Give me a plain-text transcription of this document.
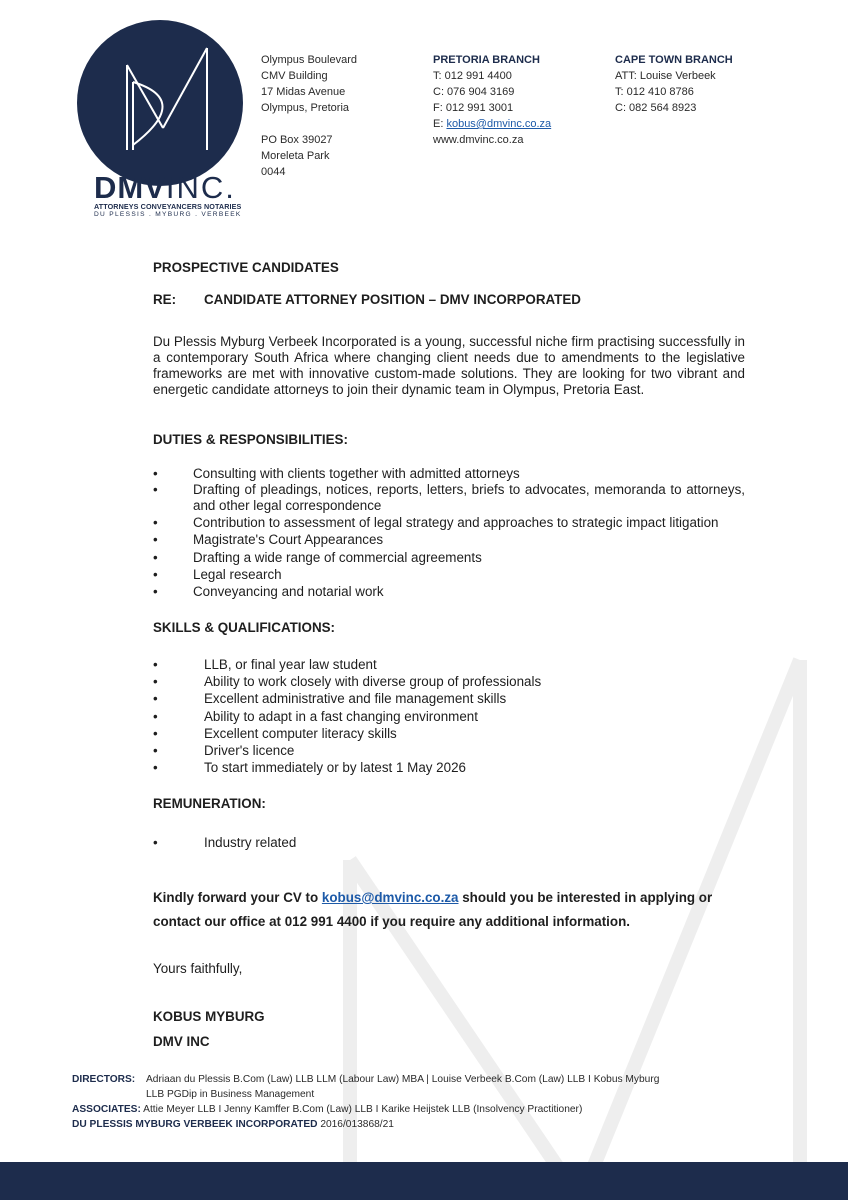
DMVINC.
ATTORNEYS CONVEYANCERS NOTARIES
DU PLESSIS . MYBURG . VERBEEK
Olympus Boulevard
CMV Building
17 Midas Avenue
Olympus, Pretoria
PO Box 39027
Moreleta Park
0044
PRETORIA BRANCH
T: 012 991 4400
C: 076 904 3169
F: 012 991 3001
E: kobus@dmvinc.co.za
www.dmvinc.co.za
CAPE TOWN BRANCH
ATT: Louise Verbeek
T: 012 410 8786
C: 082 564 8923
PROSPECTIVE CANDIDATES
RE: CANDIDATE ATTORNEY POSITION – DMV INCORPORATED

Du Plessis Myburg Verbeek Incorporated is a young, successful niche firm practising successfully in a contemporary South Africa where changing client needs due to amendments to the legislative frameworks are met with innovative custom-made solutions. They are looking for two vibrant and energetic candidate attorneys to join their dynamic team in Olympus, Pretoria East.

DUTIES & RESPONSIBILITIES:
•	Consulting with clients together with admitted attorneys
•	Drafting of pleadings, notices, reports, letters, briefs to advocates, memoranda to attorneys, and other legal correspondence
•	Contribution to assessment of legal strategy and approaches to strategic impact litigation
•	Magistrate's Court Appearances
•	Drafting a wide range of commercial agreements
•	Legal research
•	Conveyancing and notarial work
SKILLS & QUALIFICATIONS:
•	LLB, or final year law student
•	Ability to work closely with diverse group of professionals
•	Excellent administrative and file management skills
•	Ability to adapt in a fast changing environment
•	Excellent computer literacy skills
•	Driver's licence
•	To start immediately or by latest 1 May 2026
REMUNERATION:
•	Industry related
Kindly forward your CV to kobus@dmvinc.co.za should you be interested in applying or contact our office at 012 991 4400 if you require any additional information.
Yours faithfully,
KOBUS MYBURG
DMV INC
DIRECTORS: Adriaan du Plessis B.Com (Law) LLB LLM (Labour Law) MBA | Louise Verbeek B.Com (Law) LLB I Kobus Myburg
LLB PGDip in Business Management
ASSOCIATES: Attie Meyer LLB I Jenny Kamffer B.Com (Law) LLB I Karike Heijstek LLB (Insolvency Practitioner)
DU PLESSIS MYBURG VERBEEK INCORPORATED 2016/013868/21
